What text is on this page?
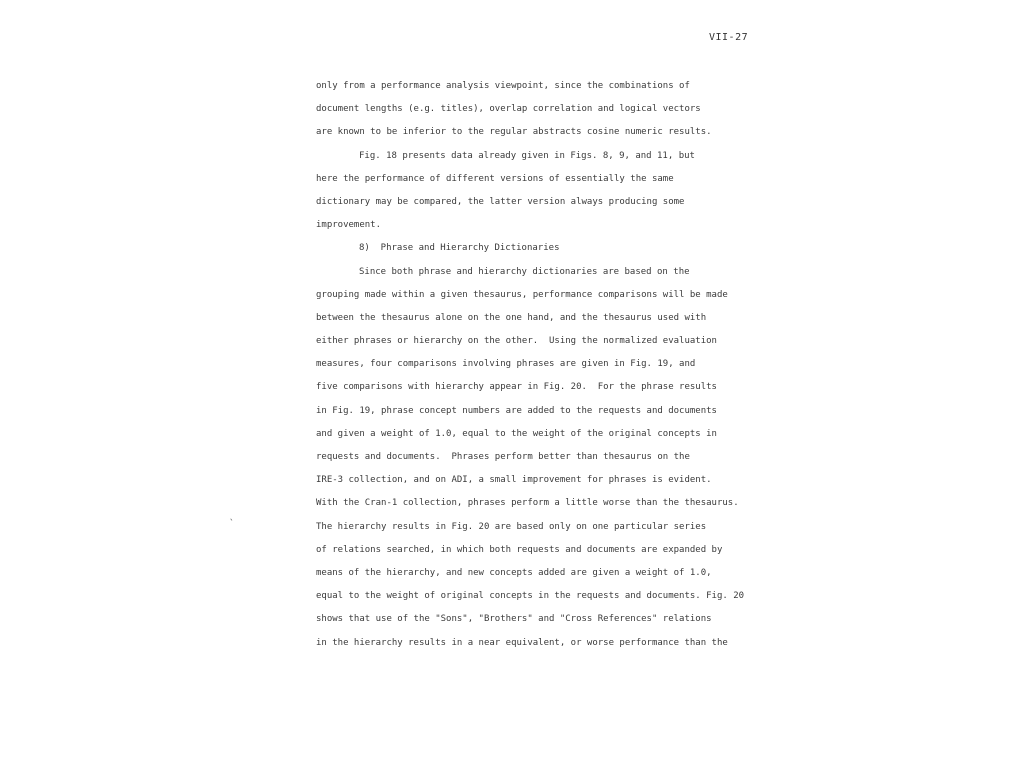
VII-27
`
only from a performance analysis viewpoint, since the combinations of
document lengths (e.g. titles), overlap correlation and logical vectors
are known to be inferior to the regular abstracts cosine numeric results.
Fig. 18 presents data already given in Figs. 8, 9, and 11, but
here the performance of different versions of essentially the same
dictionary may be compared, the latter version always producing some
improvement.
8)  Phrase and Hierarchy Dictionaries
Since both phrase and hierarchy dictionaries are based on the
grouping made within a given thesaurus, performance comparisons will be made
between the thesaurus alone on the one hand, and the thesaurus used with
either phrases or hierarchy on the other.  Using the normalized evaluation
measures, four comparisons involving phrases are given in Fig. 19, and
five comparisons with hierarchy appear in Fig. 20.  For the phrase results
in Fig. 19, phrase concept numbers are added to the requests and documents
and given a weight of 1.0, equal to the weight of the original concepts in
requests and documents.  Phrases perform better than thesaurus on the
IRE-3 collection, and on ADI, a small improvement for phrases is evident.
With the Cran-1 collection, phrases perform a little worse than the thesaurus.
The hierarchy results in Fig. 20 are based only on one particular series
of relations searched, in which both requests and documents are expanded by
means of the hierarchy, and new concepts added are given a weight of 1.0,
equal to the weight of original concepts in the requests and documents. Fig. 20
shows that use of the "Sons", "Brothers" and "Cross References" relations
in the hierarchy results in a near equivalent, or worse performance than the
